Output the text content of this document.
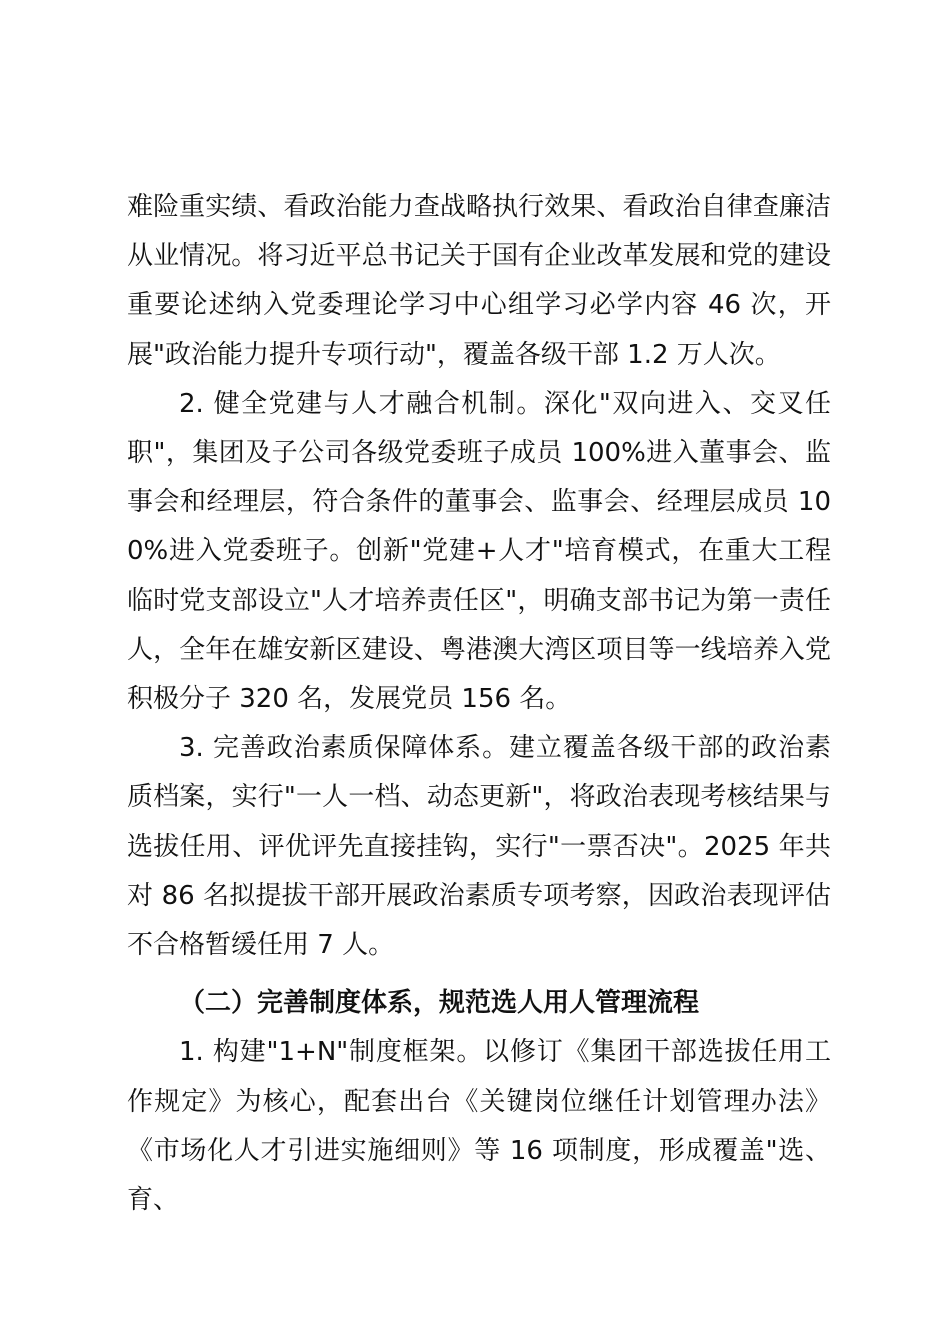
难险重实绩、看政治能力查战略执行效果、看政治自律查廉洁从业情况。将习近平总书记关于国有企业改革发展和党的建设重要论述纳入党委理论学习中心组学习必学内容 46 次，开展"政治能力提升专项行动"，覆盖各级干部 1.2 万人次。

2. 健全党建与人才融合机制。深化"双向进入、交叉任职"，集团及子公司各级党委班子成员 100%进入董事会、监事会和经理层，符合条件的董事会、监事会、经理层成员 100%进入党委班子。创新"党建+人才"培育模式，在重大工程临时党支部设立"人才培养责任区"，明确支部书记为第一责任人，全年在雄安新区建设、粤港澳大湾区项目等一线培养入党积极分子 320 名，发展党员 156 名。

3. 完善政治素质保障体系。建立覆盖各级干部的政治素质档案，实行"一人一档、动态更新"，将政治表现考核结果与选拔任用、评优评先直接挂钩，实行"一票否决"。2025 年共对 86 名拟提拔干部开展政治素质专项考察，因政治表现评估不合格暂缓任用 7 人。

（二）完善制度体系，规范选人用人管理流程

1. 构建"1+N"制度框架。以修订《集团干部选拔任用工作规定》为核心，配套出台《关键岗位继任计划管理办法》《市场化人才引进实施细则》等 16 项制度，形成覆盖"选、育、
